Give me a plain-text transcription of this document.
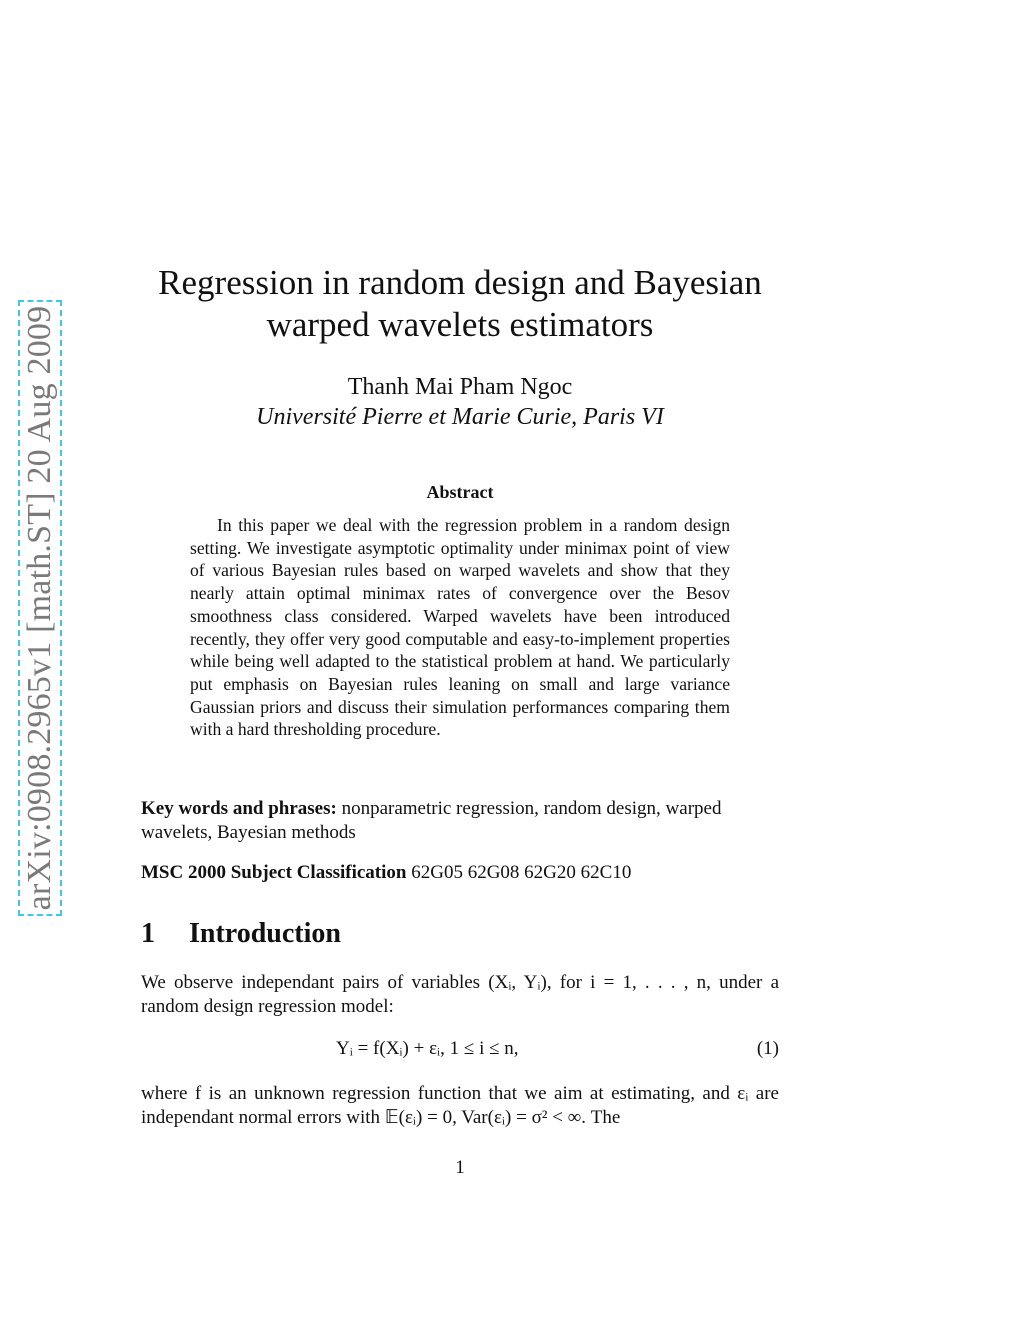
arXiv:0908.2965v1 [math.ST] 20 Aug 2009
Regression in random design and Bayesian
warped wavelets estimators
Thanh Mai Pham Ngoc
Université Pierre et Marie Curie, Paris VI
Abstract

In this paper we deal with the regression problem in a random design setting. We investigate asymptotic optimality under minimax point of view of various Bayesian rules based on warped wavelets and show that they nearly attain optimal minimax rates of convergence over the Besov smoothness class considered. Warped wavelets have been introduced recently, they offer very good computable and easy-to-implement properties while being well adapted to the statistical problem at hand. We particularly put emphasis on Bayesian rules leaning on small and large variance Gaussian priors and discuss their simulation performances comparing them with a hard thresholding procedure.

Key words and phrases: nonparametric regression, random design, warped wavelets, Bayesian methods

MSC 2000 Subject Classification 62G05 62G08 62G20 62C10

1 Introduction

We observe independant pairs of variables (Xᵢ, Yᵢ), for i = 1, . . . , n, under a random design regression model:

Yᵢ = f(Xᵢ) + εᵢ, 1 ≤ i ≤ n,	(1)

where f is an unknown regression function that we aim at estimating, and εᵢ are independant normal errors with 𝔼(εᵢ) = 0, Var(εᵢ) = σ² < ∞. The

1
